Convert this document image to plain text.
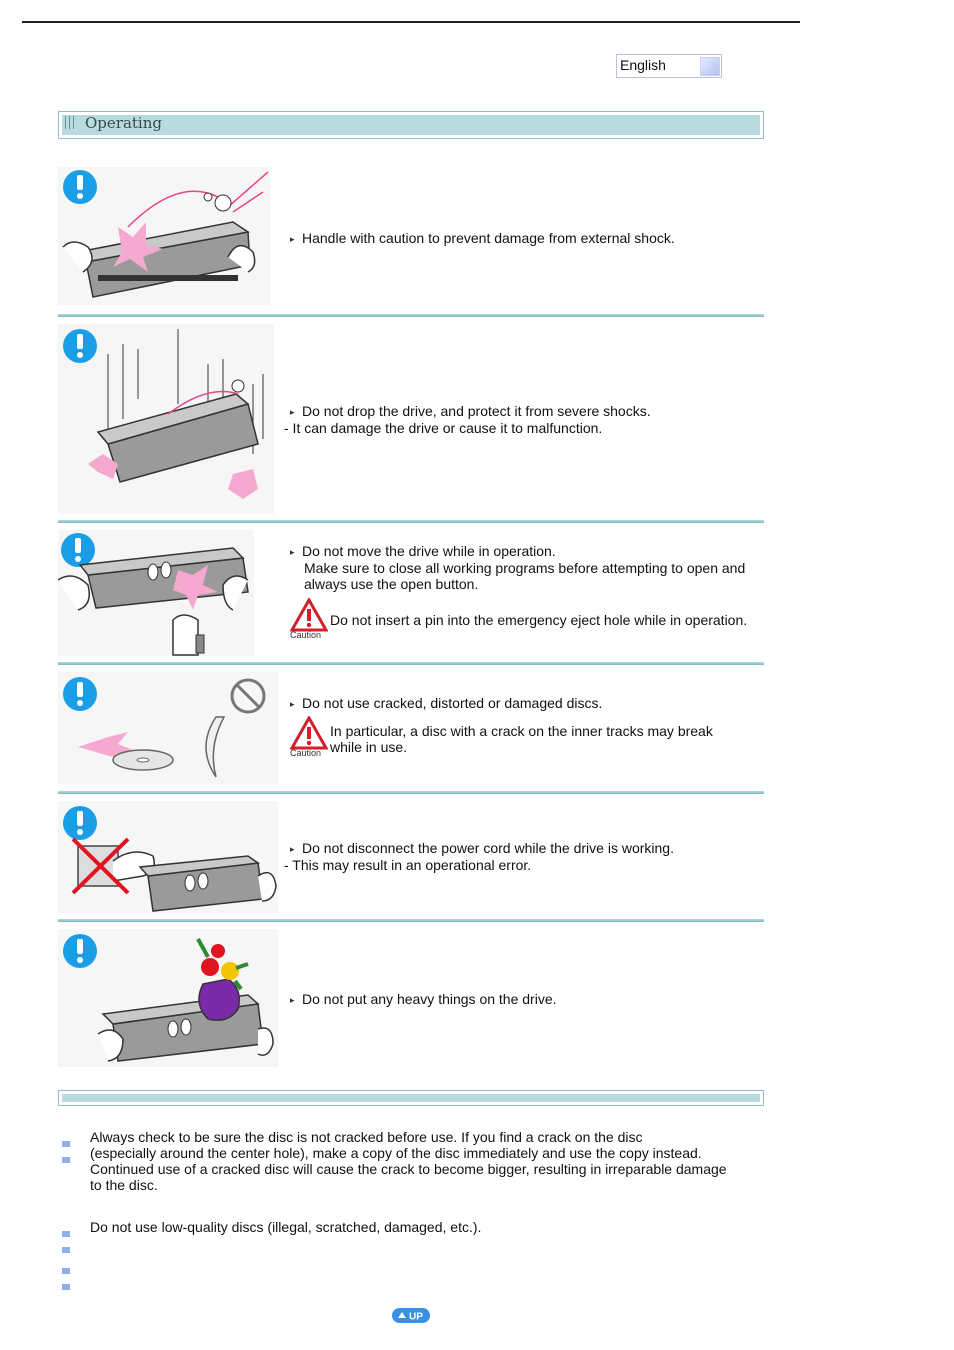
English
Operating
▸ Handle with caution to prevent damage from external shock.
▸ Do not drop the drive, and protect it from severe shocks.
- It can damage the drive or cause it to malfunction.
▸ Do not move the drive while in operation.
Make sure to close all working programs before attempting to open and
always use the open button.
Caution
Do not insert a pin into the emergency eject hole while in operation.
▸ Do not use cracked, distorted or damaged discs.
Caution
In particular, a disc with a crack on the inner tracks may break
while in use.
▸ Do not disconnect the power cord while the drive is working.
- This may result in an operational error.
▸ Do not put any heavy things on the drive.
Always check to be sure the disc is not cracked before use. If you find a crack on the disc
(especially around the center hole), make a copy of the disc immediately and use the copy instead.
Continued use of a cracked disc will cause the crack to become bigger, resulting in irreparable damage
to the disc.
Do not use low-quality discs (illegal, scratched, damaged, etc.).
UP
